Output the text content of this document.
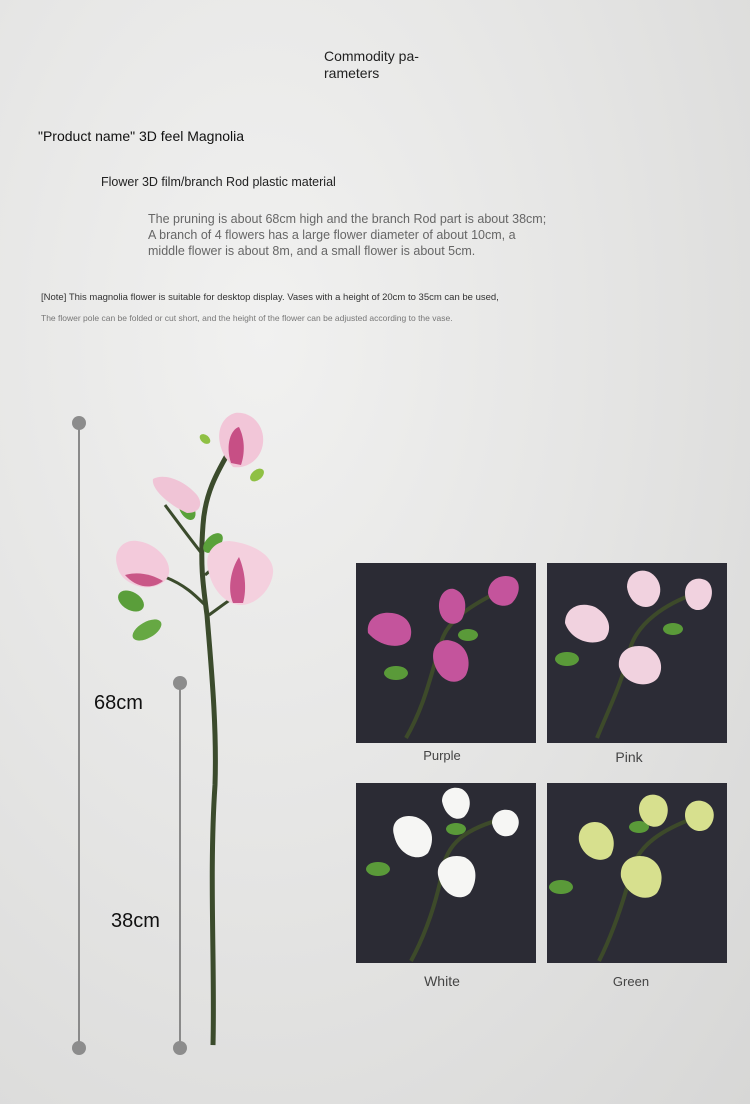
Commodity pa-
rameters

"Product name" 3D feel Magnolia

Flower 3D film/branch Rod plastic material

The pruning is about 68cm high and the branch Rod part is about 38cm; A branch of 4 flowers has a large flower diameter of about 10cm, a middle flower is about 8m, and a small flower is about 5cm.

[Note] This magnolia flower is suitable for desktop display. Vases with a height of 20cm to 35cm can be used,

The flower pole can be folded or cut short, and the height of the flower can be adjusted according to the vase.

68cm
38cm
Purple	Pink
White	Green
